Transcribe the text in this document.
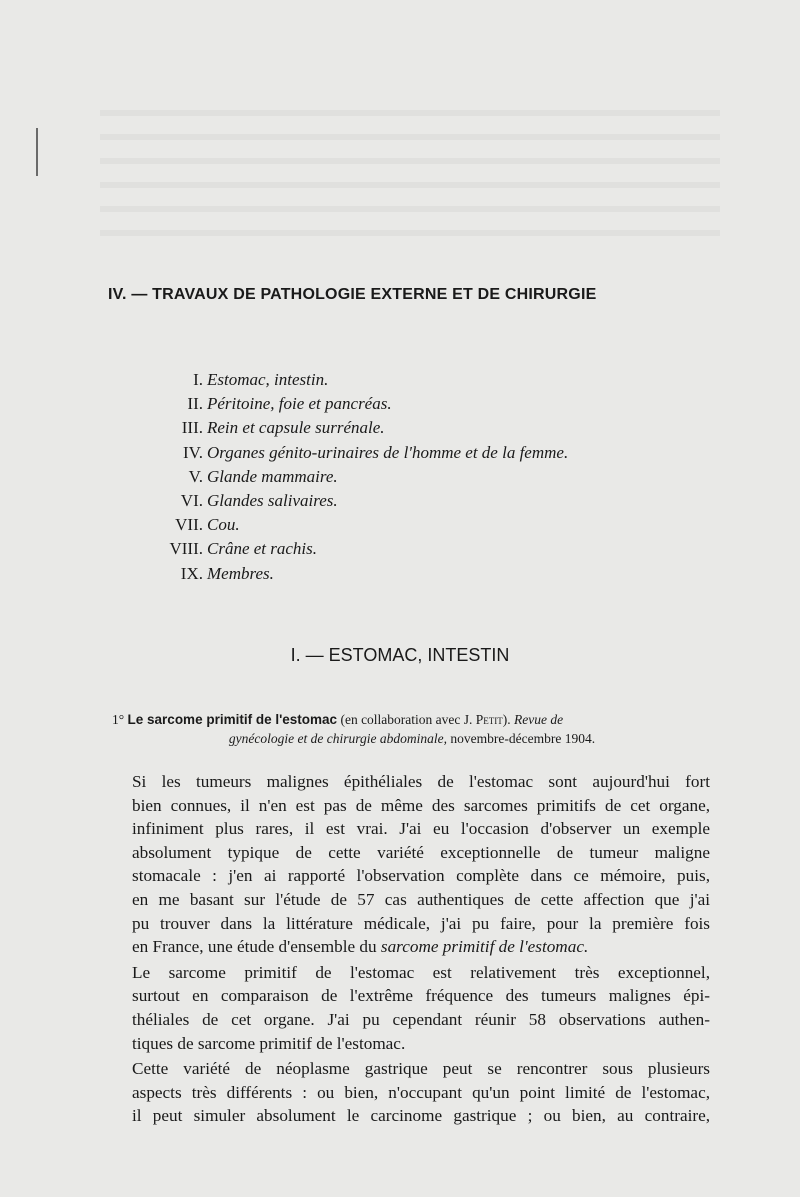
IV. — TRAVAUX DE PATHOLOGIE EXTERNE ET DE CHIRURGIE
I. Estomac, intestin.
II. Péritoine, foie et pancréas.
III. Rein et capsule surrénale.
IV. Organes génito-urinaires de l'homme et de la femme.
V. Glande mammaire.
VI. Glandes salivaires.
VII. Cou.
VIII. Crâne et rachis.
IX. Membres.
I. — ESTOMAC, INTESTIN
1° Le sarcome primitif de l'estomac (en collaboration avec J. Petit). Revue de
gynécologie et de chirurgie abdominale, novembre-décembre 1904.
Si les tumeurs malignes épithéliales de l'estomac sont aujourd'hui fort
bien connues, il n'en est pas de même des sarcomes primitifs de cet organe,
infiniment plus rares, il est vrai. J'ai eu l'occasion d'observer un exemple
absolument typique de cette variété exceptionnelle de tumeur maligne
stomacale : j'en ai rapporté l'observation complète dans ce mémoire, puis,
en me basant sur l'étude de 57 cas authentiques de cette affection que j'ai
pu trouver dans la littérature médicale, j'ai pu faire, pour la première fois
en France, une étude d'ensemble du sarcome primitif de l'estomac.
Le sarcome primitif de l'estomac est relativement très exceptionnel,
surtout en comparaison de l'extrême fréquence des tumeurs malignes épi-
théliales de cet organe. J'ai pu cependant réunir 58 observations authen-
tiques de sarcome primitif de l'estomac.
Cette variété de néoplasme gastrique peut se rencontrer sous plusieurs
aspects très différents : ou bien, n'occupant qu'un point limité de l'estomac,
il peut simuler absolument le carcinome gastrique ; ou bien, au contraire,
